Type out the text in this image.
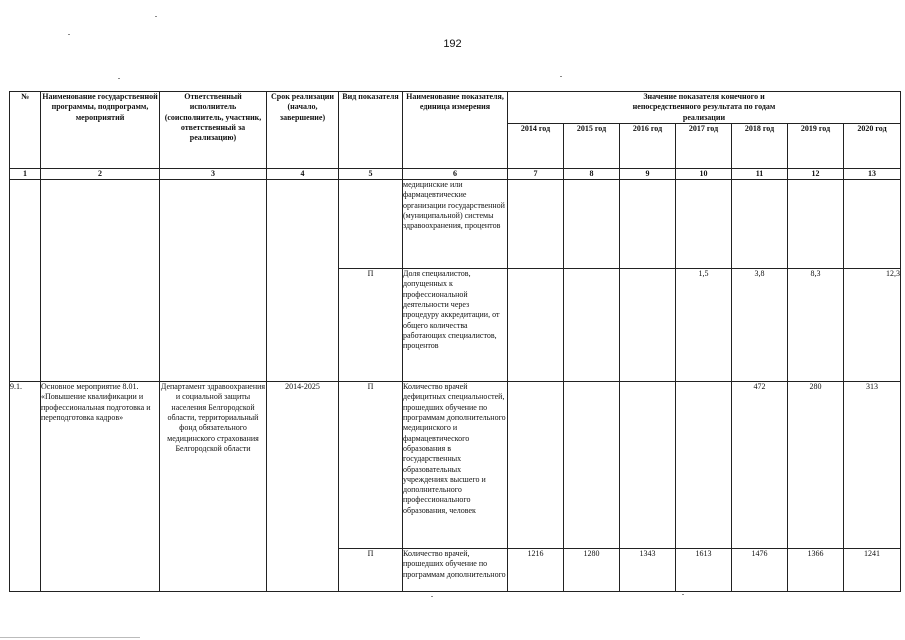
192
№	Наименование государственной программы, подпрограмм, мероприятий	Ответственный исполнитель (соисполнитель, участник, ответственный за реализацию)	Срок реализации (начало, завершение)	Вид показателя	Наименование показателя, единица измерения	Значение показателя конечного и непосредственного результата по годам реализации						
						2014 год	2015 год	2016 год	2017 год	2018 год	2019 год	2020 год
1	2	3	4	5	6	7	8	9	10	11	12	13
					медицинские или фармацевтические организации государственной (муниципальной) системы здравоохранения, процентов							
				П	Доля специалистов, допущенных к профессиональной деятельности через процедуру аккредитации, от общего количества работающих специалистов, процентов				1,5	3,8	8,3	12,3
9.1.	Основное мероприятие 8.01. «Повышение квалификации и профессиональная подготовка и переподготовка кадров»	Департамент здравоохранения и социальной защиты населения Белгородской области, территориальный фонд обязательного медицинского страхования Белгородской области	2014-2025	П	Количество врачей дефицитных специальностей, прошедших обучение по программам дополнительного медицинского и фармацевтического образования в государственных образовательных учреждениях высшего и дополнительного профессионального образования, человек					472	280	313
				П	Количество врачей, прошедших обучение по программам дополнительного	1216	1280	1343	1613	1476	1366	1241
